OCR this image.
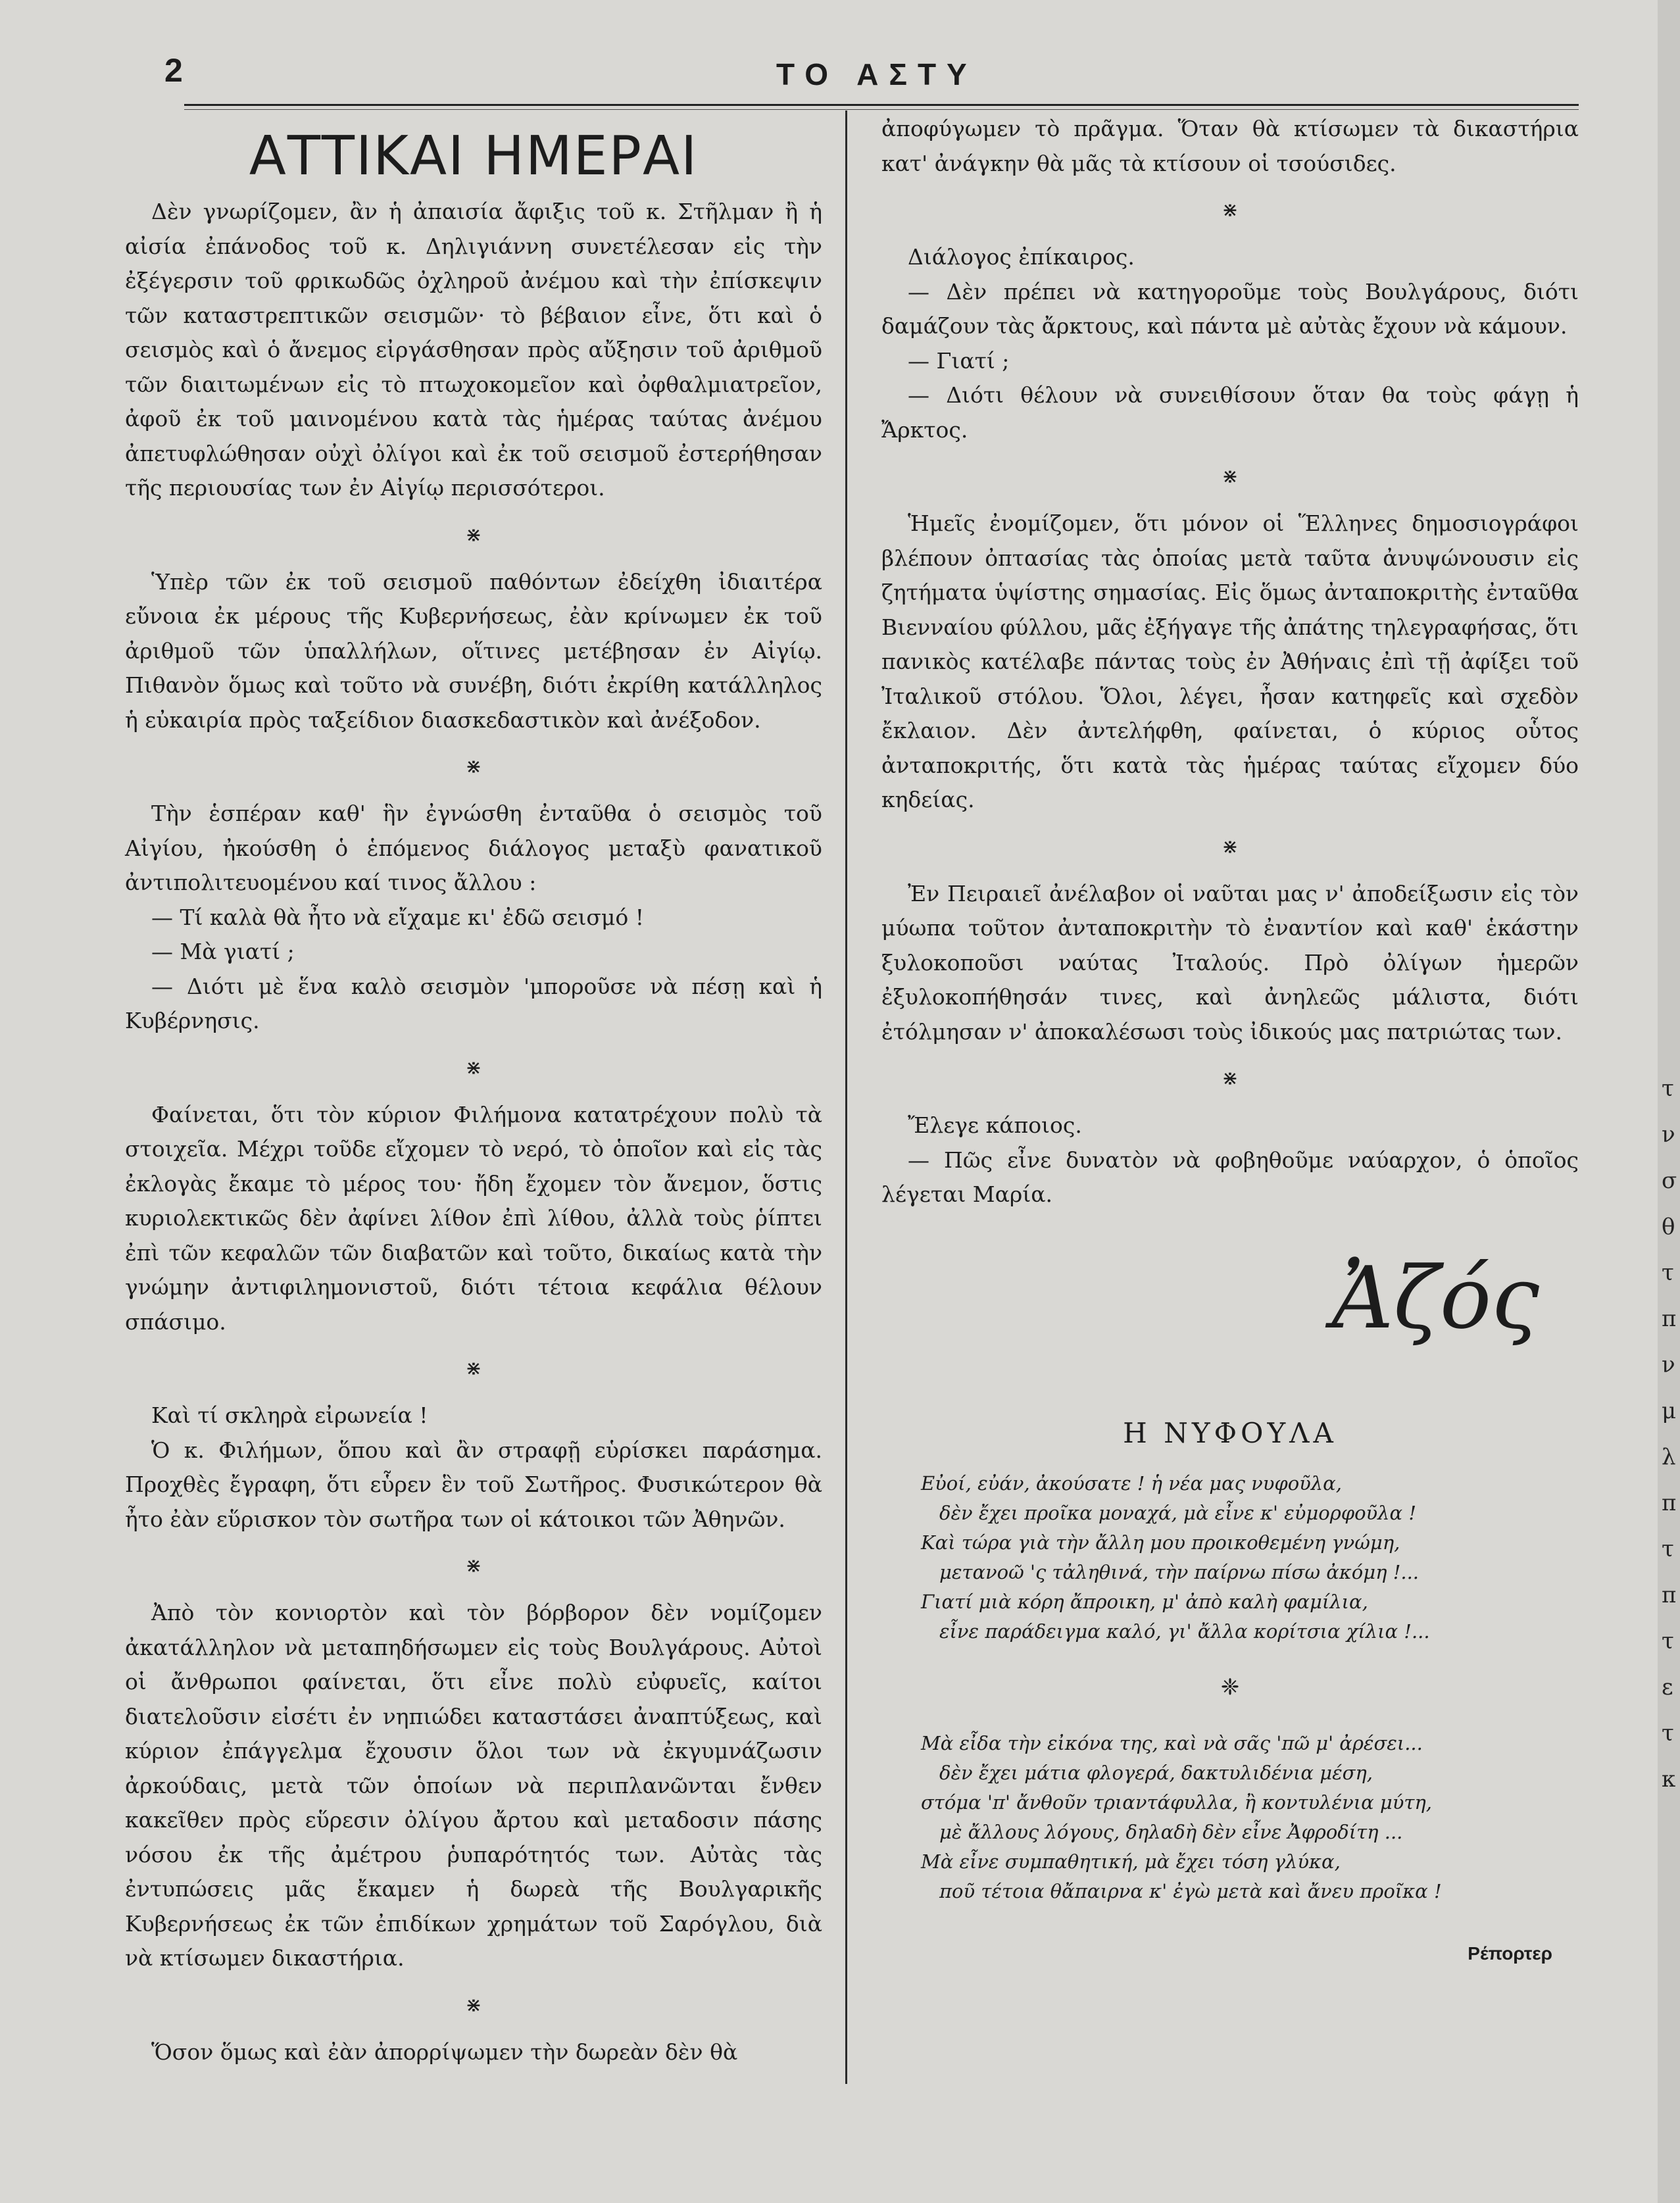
2	ΤΟ ΑΣΤΥ
ΑΤΤΙΚΑΙ ΗΜΕΡΑΙ

Δὲν γνωρίζομεν, ἂν ἡ ἀπαισία ἄφιξις τοῦ κ. Στῆλμαν ἢ ἡ αἰσία ἐπάνοδος τοῦ κ. Δηλιγιάννη συνετέλεσαν εἰς τὴν ἐξέγερσιν τοῦ φρικωδῶς ὀχληροῦ ἀνέμου καὶ τὴν ἐπίσκεψιν τῶν καταστρεπτικῶν σεισμῶν· τὸ βέβαιον εἶνε, ὅτι καὶ ὁ σεισμὸς καὶ ὁ ἄνεμος εἰργάσθησαν πρὸς αὔξησιν τοῦ ἀριθμοῦ τῶν διαιτωμένων εἰς τὸ πτωχοκομεῖον καὶ ὀφθαλμιατρεῖον, ἀφοῦ ἐκ τοῦ μαινομένου κατὰ τὰς ἡμέρας ταύτας ἀνέμου ἀπετυφλώθησαν οὐχὶ ὀλίγοι καὶ ἐκ τοῦ σεισμοῦ ἐστερήθησαν τῆς περιουσίας των ἐν Αἰγίῳ περισσότεροι.

⋇

Ὑπὲρ τῶν ἐκ τοῦ σεισμοῦ παθόντων ἐδείχθη ἰδιαιτέρα εὔνοια ἐκ μέρους τῆς Κυβερνήσεως, ἐὰν κρίνωμεν ἐκ τοῦ ἀριθμοῦ τῶν ὑπαλλήλων, οἵτινες μετέβησαν ἐν Αἰγίῳ. Πιθανὸν ὅμως καὶ τοῦτο νὰ συνέβη, διότι ἐκρίθη κατάλληλος ἡ εὐκαιρία πρὸς ταξείδιον διασκεδαστικὸν καὶ ἀνέξοδον.

⋇

Τὴν ἑσπέραν καθ' ἣν ἐγνώσθη ἐνταῦθα ὁ σεισμὸς τοῦ Αἰγίου, ἠκούσθη ὁ ἑπόμενος διάλογος μεταξὺ φανατικοῦ ἀντιπολιτευομένου καί τινος ἄλλου :

— Τί καλὰ θὰ ἦτο νὰ εἴχαμε κι' ἐδῶ σεισμό !

— Μὰ γιατί ;

— Διότι μὲ ἕνα καλὸ σεισμὸν 'μποροῦσε νὰ πέσῃ καὶ ἡ Κυβέρνησις.

⋇

Φαίνεται, ὅτι τὸν κύριον Φιλήμονα κατατρέχουν πολὺ τὰ στοιχεῖα. Μέχρι τοῦδε εἴχομεν τὸ νερό, τὸ ὁποῖον καὶ εἰς τὰς ἐκλογὰς ἔκαμε τὸ μέρος του· ἤδη ἔχομεν τὸν ἄνεμον, ὅστις κυριολεκτικῶς δὲν ἀφίνει λίθον ἐπὶ λίθου, ἀλλὰ τοὺς ῥίπτει ἐπὶ τῶν κεφαλῶν τῶν διαβατῶν καὶ τοῦτο, δικαίως κατὰ τὴν γνώμην ἀντιφιλημονιστοῦ, διότι τέτοια κεφάλια θέλουν σπάσιμο.

⋇

Καὶ τί σκληρὰ εἰρωνεία !

Ὁ κ. Φιλήμων, ὅπου καὶ ἂν στραφῇ εὑρίσκει παράσημα. Προχθὲς ἔγραφη, ὅτι εὗρεν ἓν τοῦ Σωτῆρος. Φυσικώτερον θὰ ἦτο ἐὰν εὕρισκον τὸν σωτῆρα των οἱ κάτοικοι τῶν Ἀθηνῶν.

⋇

Ἀπὸ τὸν κονιορτὸν καὶ τὸν βόρβορον δὲν νομίζομεν ἀκατάλληλον νὰ μεταπηδήσωμεν εἰς τοὺς Βουλγάρους. Αὐτοὶ οἱ ἄνθρωποι φαίνεται, ὅτι εἶνε πολὺ εὐφυεῖς, καίτοι διατελοῦσιν εἰσέτι ἐν νηπιώδει καταστάσει ἀναπτύξεως, καὶ κύριον ἐπάγγελμα ἔχουσιν ὅλοι των νὰ ἐκγυμνάζωσιν ἀρκούδαις, μετὰ τῶν ὁποίων νὰ περιπλανῶνται ἔνθεν κακεῖθεν πρὸς εὕρεσιν ὀλίγου ἄρτου καὶ μεταδοσιν πάσης νόσου ἐκ τῆς ἀμέτρου ῥυπαρότητός των. Αὐτὰς τὰς ἐντυπώσεις μᾶς ἔκαμεν ἡ δωρεὰ τῆς Βουλγαρικῆς Κυβερνήσεως ἐκ τῶν ἐπιδίκων χρημάτων τοῦ Σαρόγλου, διὰ νὰ κτίσωμεν δικαστήρια.

⋇

Ὅσον ὅμως καὶ ἐὰν ἀπορρίψωμεν τὴν δωρεὰν δὲν θὰ

ἀποφύγωμεν τὸ πρᾶγμα. Ὅταν θὰ κτίσωμεν τὰ δικαστήρια κατ' ἀνάγκην θὰ μᾶς τὰ κτίσουν οἱ τσούσιδες.

⋇

Διάλογος ἐπίκαιρος.

— Δὲν πρέπει νὰ κατηγοροῦμε τοὺς Βουλγάρους, διότι δαμάζουν τὰς ἄρκτους, καὶ πάντα μὲ αὐτὰς ἔχουν νὰ κάμουν.

— Γιατί ;

— Διότι θέλουν νὰ συνειθίσουν ὅταν θα τοὺς φάγῃ ἡ Ἄρκτος.

⋇

Ἡμεῖς ἐνομίζομεν, ὅτι μόνον οἱ Ἕλληνες δημοσιογράφοι βλέπουν ὀπτασίας τὰς ὁποίας μετὰ ταῦτα ἀνυψώνουσιν εἰς ζητήματα ὑψίστης σημασίας. Εἰς ὅμως ἀνταποκριτὴς ἐνταῦθα Βιενναίου φύλλου, μᾶς ἐξήγαγε τῆς ἀπάτης τηλεγραφήσας, ὅτι πανικὸς κατέλαβε πάντας τοὺς ἐν Ἀθήναις ἐπὶ τῇ ἀφίξει τοῦ Ἰταλικοῦ στόλου. Ὅλοι, λέγει, ἦσαν κατηφεῖς καὶ σχεδὸν ἔκλαιον. Δὲν ἀντελήφθη, φαίνεται, ὁ κύριος οὗτος ἀνταποκριτής, ὅτι κατὰ τὰς ἡμέρας ταύτας εἴχομεν δύο κηδείας.

⋇

Ἐν Πειραιεῖ ἀνέλαβον οἱ ναῦται μας ν' ἀποδείξωσιν εἰς τὸν μύωπα τοῦτον ἀνταποκριτὴν τὸ ἐναντίον καὶ καθ' ἑκάστην ξυλοκοποῦσι ναύτας Ἰταλούς. Πρὸ ὀλίγων ἡμερῶν ἐξυλοκοπήθησάν τινες, καὶ ἀνηλεῶς μάλιστα, διότι ἐτόλμησαν ν' ἀποκαλέσωσι τοὺς ἰδικούς μας πατριώτας των.

⋇

Ἔλεγε κάποιος.

— Πῶς εἶνε δυνατὸν νὰ φοβηθοῦμε ναύαρχον, ὁ ὁποῖος λέγεται Μαρία.

Ἀζός
Η ΝΥΦΟΥΛΑ
Εὐοί, εὐάν, ἀκούσατε ! ἡ νέα μας νυφοῦλα,
δὲν ἔχει προῖκα μοναχά, μὰ εἶνε κ' εὐμορφοῦλα !
Καὶ τώρα γιὰ τὴν ἄλλη μου προικοθεμένη γνώμη,
μετανοῶ 'ς τἀληθινά, τὴν παίρνω πίσω ἀκόμη !...
Γιατί μιὰ κόρη ἄπροικη, μ' ἀπὸ καλὴ φαμίλια,
εἶνε παράδειγμα καλό, γι' ἄλλα κορίτσια χίλια !...
❈
Μὰ εἶδα τὴν εἰκόνα της, καὶ νὰ σᾶς 'πῶ μ' ἀρέσει...
δὲν ἔχει μάτια φλογερά, δακτυλιδένια μέση,
στόμα 'π' ἄνθοῦν τριαντάφυλλα, ἢ κοντυλένια μύτη,
μὲ ἄλλους λόγους, δηλαδὴ δὲν εἶνε Ἀφροδίτη ...
Μὰ εἶνε συμπαθητική, μὰ ἔχει τόση γλύκα,
ποῦ τέτοια θἄπαιρνα κ' ἐγὼ μετὰ καὶ ἄνευ προῖκα !
Ρέπορτερ
τ
ν
σ
θ
τ
π
ν
μ
λ
π
τ
π
τ
ε
τ
κ
